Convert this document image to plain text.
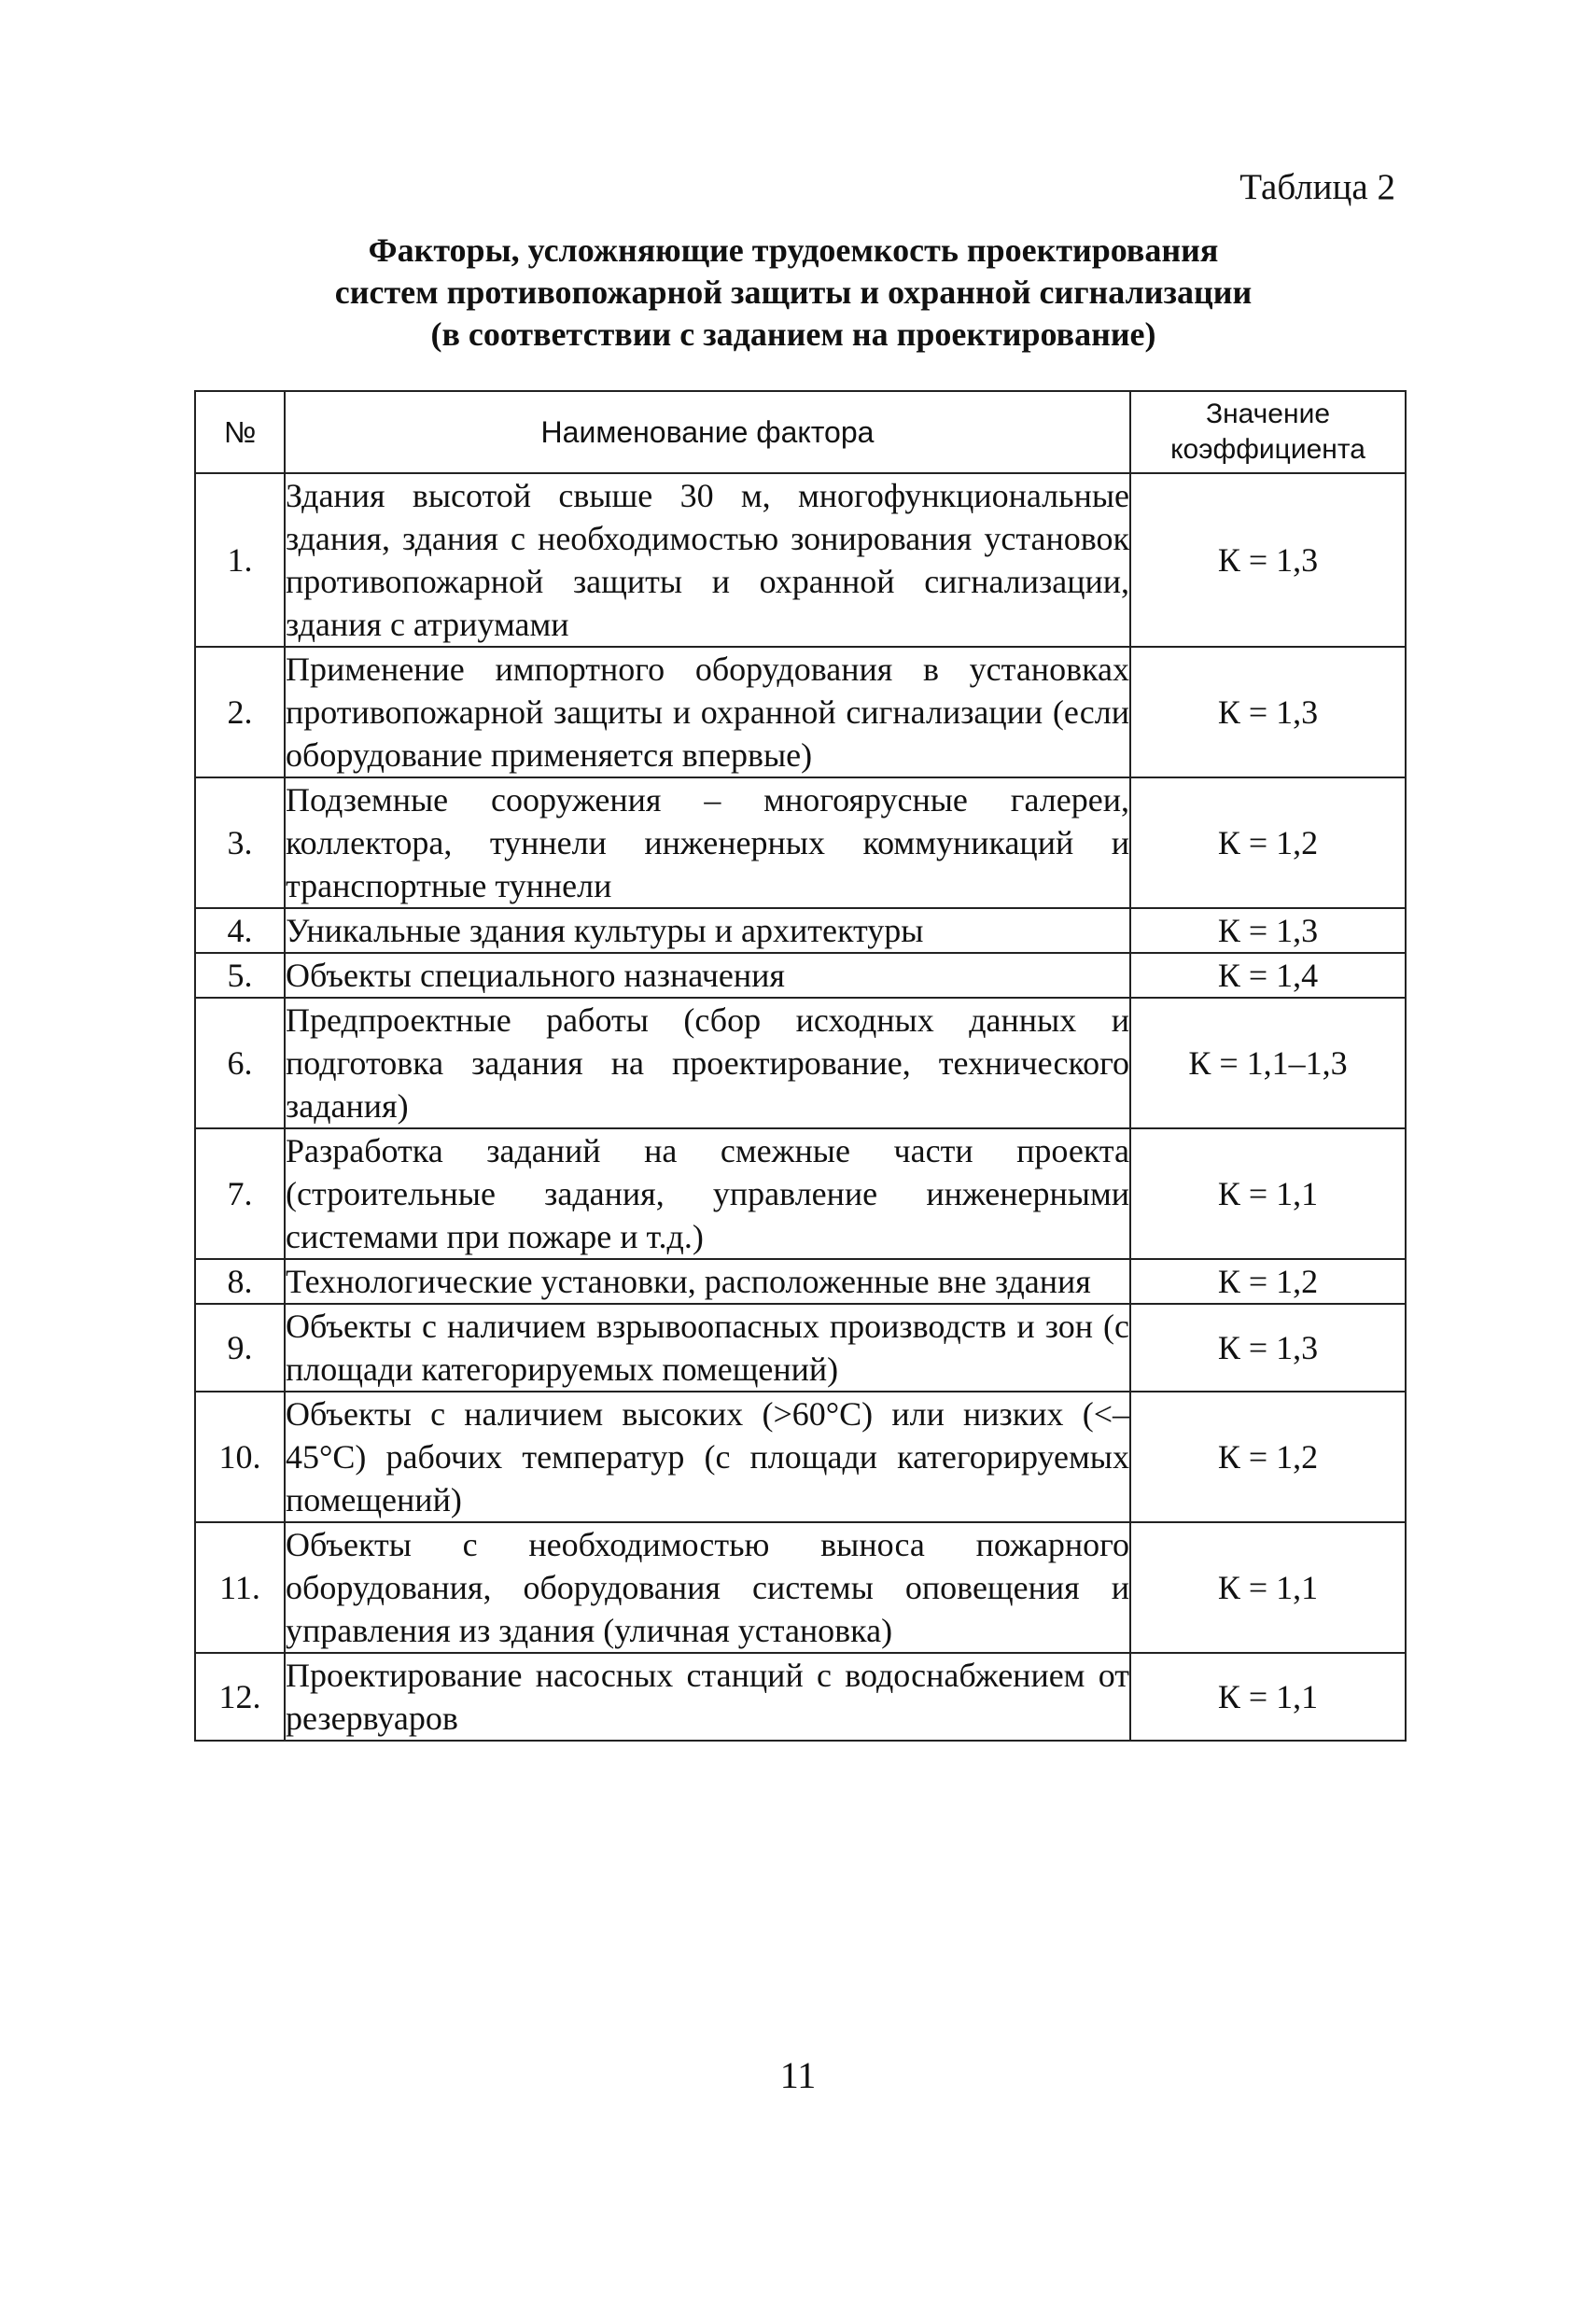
Таблица 2
Факторы, усложняющие трудоемкость проектирования
систем противопожарной защиты и охранной сигнализации
(в соответствии с заданием на проектирование)
№	Наименование фактора	Значение
коэффициента

1.	Здания высотой свыше 30 м, многофункциональные здания, здания с необходимостью зонирования установок противопожарной защиты и охранной сигнализации, здания с атриумами	К = 1,3
2.	Применение импортного оборудования в установках противопожарной защиты и охранной сигнализации (если оборудование применяется впервые)	К = 1,3
3.	Подземные сооружения – многоярусные галереи, коллектора, туннели инженерных коммуникаций и транспортные туннели	К = 1,2
4.	Уникальные здания культуры и архитектуры	К = 1,3
5.	Объекты специального назначения	К = 1,4
6.	Предпроектные работы (сбор исходных данных и подготовка задания на проектирование, технического задания)	К = 1,1–1,3
7.	Разработка заданий на смежные части проекта (строительные задания, управление инженерными системами при пожаре и т.д.)	К = 1,1
8.	Технологические установки, расположенные вне здания	К = 1,2
9.	Объекты с наличием взрывоопасных производств и зон (с площади категорируемых помещений)	К = 1,3
10.	Объекты с наличием высоких (>60°С) или низких (<–45°С) рабочих температур (с площади категорируемых помещений)	К = 1,2
11.	Объекты с необходимостью выноса пожарного оборудования, оборудования системы оповещения и управления из здания (уличная установка)	К = 1,1
12.	Проектирование насосных станций с водоснабжением от резервуаров	К = 1,1
11
